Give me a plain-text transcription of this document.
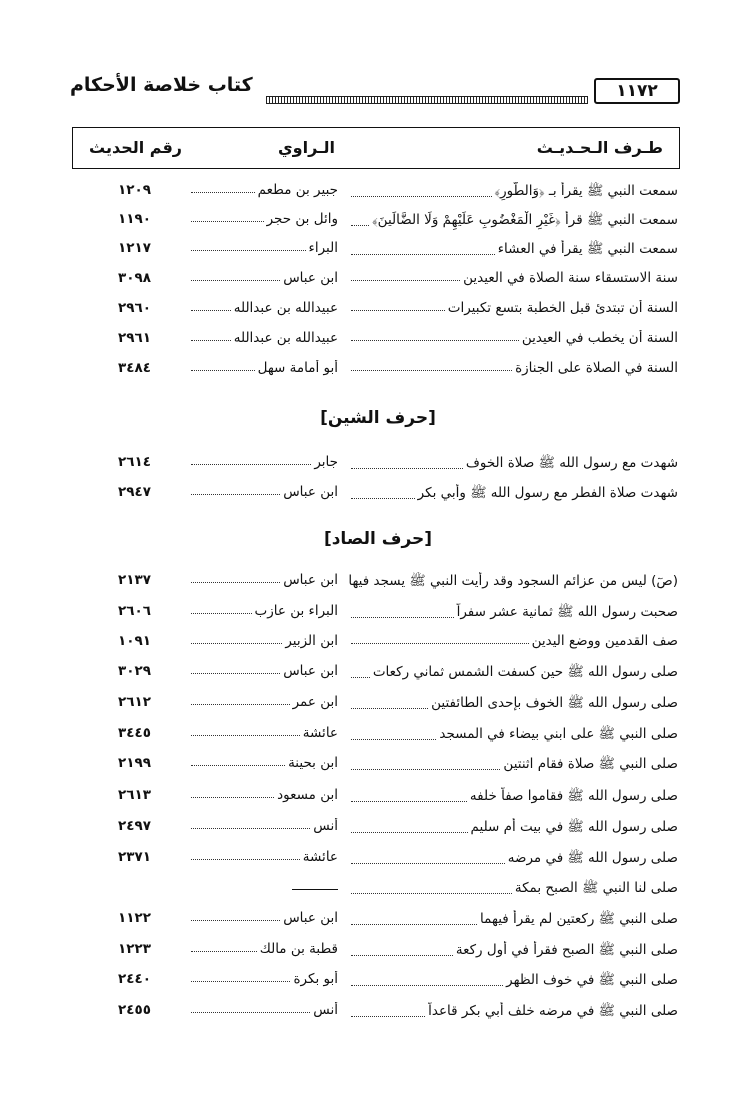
كتاب خلاصة الأحكام	١١٧٢
طـرف الـحـديـث
الـراوي
رقم الحديث
سمعت النبي ﷺ يقرأ بـ ﴿وَالطُّورِ﴾
جبير بن مطعم
١٢٠٩
سمعت النبي ﷺ قرأ ﴿غَيْرِ الْمَغْضُوبِ عَلَيْهِمْ وَلَا الضَّالِّينَ﴾
وائل بن حجر
١١٩٠
سمعت النبي ﷺ يقرأ في العشاء
البراء
١٢١٧
سنة الاستسقاء سنة الصلاة في العيدين
ابن عباس
٣٠٩٨
السنة أن تبتدئ قبل الخطبة بتسع تكبيرات
عبيدالله بن عبدالله
٢٩٦٠
السنة أن يخطب في العيدين
عبيدالله بن عبدالله
٢٩٦١
السنة في الصلاة على الجنازة
أبو أمامة سهل
٣٤٨٤
[حرف الشين]
شهدت مع رسول الله ﷺ صلاة الخوف
جابر
٢٦١٤
شهدت صلاة الفطر مع رسول الله ﷺ وأبي بكر
ابن عباس
٢٩٤٧
[حرف الصاد]
(صٓ) ليس من عزائم السجود وقد رأيت النبي ﷺ يسجد فيها
ابن عباس
٢١٣٧
صحبت رسول الله ﷺ ثمانية عشر سفراً
البراء بن عازب
٢٦٠٦
صف القدمين ووضع اليدين
ابن الزبير
١٠٩١
صلى رسول الله ﷺ حين كسفت الشمس ثماني ركعات
ابن عباس
٣٠٢٩
صلى رسول الله ﷺ الخوف بإحدى الطائفتين
ابن عمر
٢٦١٢
صلى النبي ﷺ على ابني بيضاء في المسجد
عائشة
٣٤٤٥
صلى النبي ﷺ صلاة فقام اثنتين
ابن بحينة
٢١٩٩
صلى رسول الله ﷺ فقاموا صفاً خلفه
ابن مسعود
٢٦١٣
صلى رسول الله ﷺ في بيت أم سليم
أنس
٢٤٩٧
صلى رسول الله ﷺ في مرضه
عائشة
٢٣٧١
صلى لنا النبي ﷺ الصبح بمكة
صلى النبي ﷺ ركعتين لم يقرأ فيهما
ابن عباس
١١٢٢
صلى النبي ﷺ الصبح فقرأ في أول ركعة
قطبة بن مالك
١٢٢٣
صلى النبي ﷺ في خوف الظهر
أبو بكرة
٢٤٤٠
صلى النبي ﷺ في مرضه خلف أبي بكر قاعداً
أنس
٢٤٥٥
